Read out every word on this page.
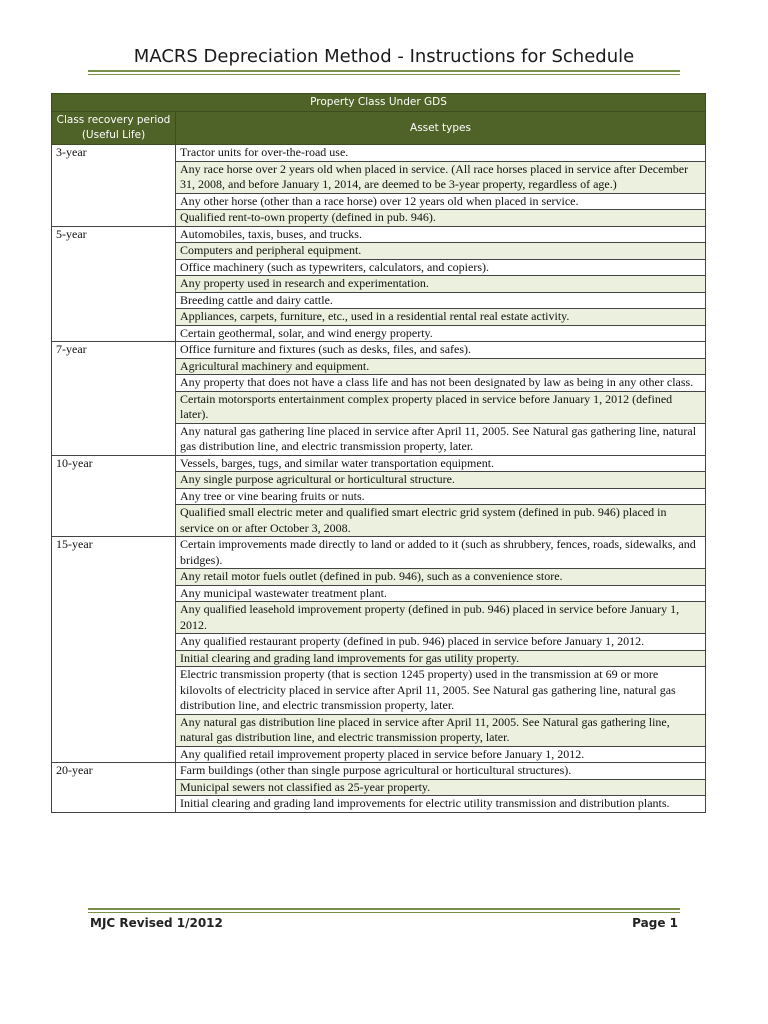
MACRS Depreciation Method - Instructions for Schedule
Property Class Under GDS	
Class recovery period (Useful Life)	Asset types
3-year	Tractor units for over-the-road use.
	Any race horse over 2 years old when placed in service. (All race horses placed in service after December 31, 2008, and before January 1, 2014, are deemed to be 3-year property, regardless of age.)
	Any other horse (other than a race horse) over 12 years old when placed in service.
	Qualified rent-to-own property (defined in pub. 946).
5-year	Automobiles, taxis, buses, and trucks.
	Computers and peripheral equipment.
	Office machinery (such as typewriters, calculators, and copiers).
	Any property used in research and experimentation.
	Breeding cattle and dairy cattle.
	Appliances, carpets, furniture, etc., used in a residential rental real estate activity.
	Certain geothermal, solar, and wind energy property.
7-year	Office furniture and fixtures (such as desks, files, and safes).
	Agricultural machinery and equipment.
	Any property that does not have a class life and has not been designated by law as being in any other class.
	Certain motorsports entertainment complex property placed in service before January 1, 2012 (defined later).
	Any natural gas gathering line placed in service after April 11, 2005. See Natural gas gathering line, natural gas distribution line, and electric transmission property, later.
10-year	Vessels, barges, tugs, and similar water transportation equipment.
	Any single purpose agricultural or horticultural structure.
	Any tree or vine bearing fruits or nuts.
	Qualified small electric meter and qualified smart electric grid system (defined in pub. 946) placed in service on or after October 3, 2008.
15-year	Certain improvements made directly to land or added to it (such as shrubbery, fences, roads, sidewalks, and bridges).
	Any retail motor fuels outlet (defined in pub. 946), such as a convenience store.
	Any municipal wastewater treatment plant.
	Any qualified leasehold improvement property (defined in pub. 946) placed in service before January 1, 2012.
	Any qualified restaurant property (defined in pub. 946) placed in service before January 1, 2012.
	Initial clearing and grading land improvements for gas utility property.
	Electric transmission property (that is section 1245 property) used in the transmission at 69 or more kilovolts of electricity placed in service after April 11, 2005. See Natural gas gathering line, natural gas distribution line, and electric transmission property, later.
	Any natural gas distribution line placed in service after April 11, 2005. See Natural gas gathering line, natural gas distribution line, and electric transmission property, later.
	Any qualified retail improvement property placed in service before January 1, 2012.
20-year	Farm buildings (other than single purpose agricultural or horticultural structures).
	Municipal sewers not classified as 25-year property.
	Initial clearing and grading land improvements for electric utility transmission and distribution plants.
MJC Revised 1/2012	Page 1
